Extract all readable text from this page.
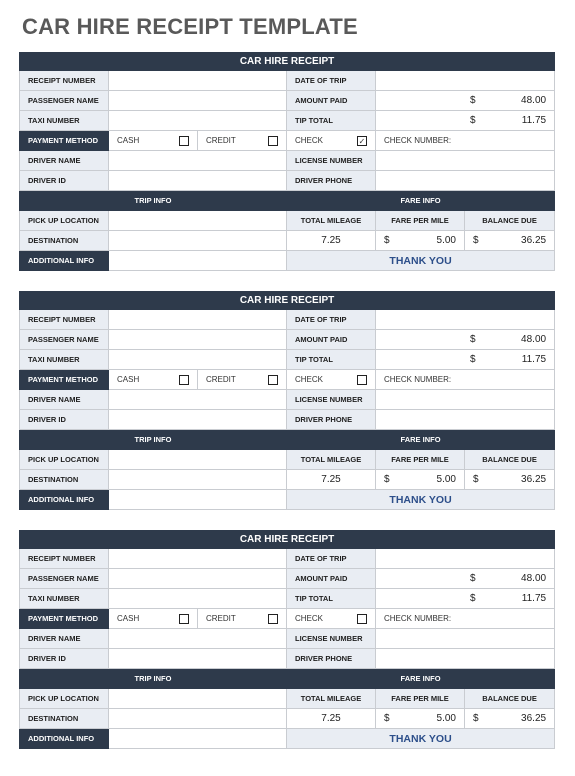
CAR HIRE RECEIPT TEMPLATE
CAR HIRE RECEIPT					
RECEIPT NUMBER			DATE OF TRIP		
PASSENGER NAME			AMOUNT PAID	$ 48.00	

TAXI NUMBER			TIP TOTAL	$ 11.75	

PAYMENT METHOD	CASH	CREDIT	CHECK ✓	CHECK NUMBER:	
DRIVER NAME			LICENSE NUMBER		
DRIVER ID			DRIVER PHONE		
TRIP INFO			FARE INFO		
PICK UP LOCATION			TOTAL MILEAGE	FARE PER MILE	BALANCE DUE
DESTINATION			7.25	$ 5.00	$ 36.25

ADDITIONAL INFO			THANK YOU		
CAR HIRE RECEIPT					
RECEIPT NUMBER			DATE OF TRIP		
PASSENGER NAME			AMOUNT PAID	$ 48.00	

TAXI NUMBER			TIP TOTAL	$ 11.75	

PAYMENT METHOD	CASH	CREDIT	CHECK	CHECK NUMBER:	
DRIVER NAME			LICENSE NUMBER		
DRIVER ID			DRIVER PHONE		
TRIP INFO			FARE INFO		
PICK UP LOCATION			TOTAL MILEAGE	FARE PER MILE	BALANCE DUE
DESTINATION			7.25	$ 5.00	$ 36.25

ADDITIONAL INFO			THANK YOU		
CAR HIRE RECEIPT					
RECEIPT NUMBER			DATE OF TRIP		
PASSENGER NAME			AMOUNT PAID	$ 48.00	

TAXI NUMBER			TIP TOTAL	$ 11.75	

PAYMENT METHOD	CASH	CREDIT	CHECK	CHECK NUMBER:	
DRIVER NAME			LICENSE NUMBER		
DRIVER ID			DRIVER PHONE		
TRIP INFO			FARE INFO		
PICK UP LOCATION			TOTAL MILEAGE	FARE PER MILE	BALANCE DUE
DESTINATION			7.25	$ 5.00	$ 36.25

ADDITIONAL INFO			THANK YOU		
